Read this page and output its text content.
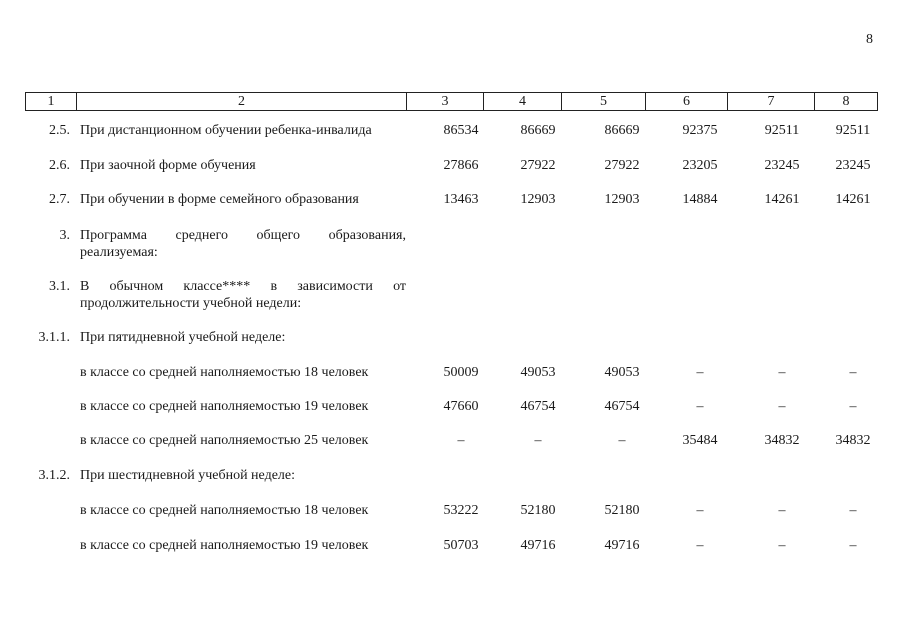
8
1	2	3	4	5	6	7	8
2.5. При дистанционном обучении ребенка-инвалида	86534	86669	86669	92375	92511	92511
2.6. При заочной форме обучения	27866	27922	27922	23205	23245	23245
2.7. При обучении в форме семейного образования	13463	12903	12903	14884	14261	14261
3. Программа среднего общего образования, реализуемая:
3.1. В обычном классе**** в зависимости от продолжительности учебной недели:
3.1.1. При пятидневной учебной неделе:
в классе со средней наполняемостью 18 человек	50009	49053	49053	–	–	–
в классе со средней наполняемостью 19 человек	47660	46754	46754	–	–	–
в классе со средней наполняемостью 25 человек	–	–	–	35484	34832	34832
3.1.2. При шестидневной учебной неделе:
в классе со средней наполняемостью 18 человек	53222	52180	52180	–	–	–
в классе со средней наполняемостью 19 человек	50703	49716	49716	–	–	–
